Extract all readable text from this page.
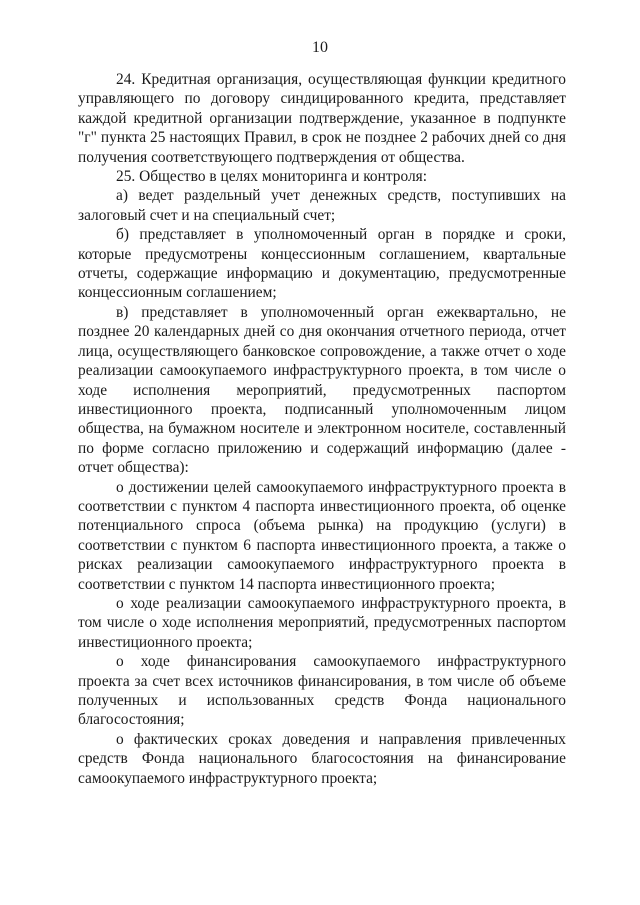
10

24. Кредитная организация, осуществляющая функции кредитного управляющего по договору синдицированного кредита, представляет каждой кредитной организации подтверждение, указанное в подпункте "г" пункта 25 настоящих Правил, в срок не позднее 2 рабочих дней со дня получения соответствующего подтверждения от общества.

25. Общество в целях мониторинга и контроля:

а) ведет раздельный учет денежных средств, поступивших на залоговый счет и на специальный счет;

б) представляет в уполномоченный орган в порядке и сроки, которые предусмотрены концессионным соглашением, квартальные отчеты, содержащие информацию и документацию, предусмотренные концессионным соглашением;

в) представляет в уполномоченный орган ежеквартально, не позднее 20 календарных дней со дня окончания отчетного периода, отчет лица, осуществляющего банковское сопровождение, а также отчет о ходе реализации самоокупаемого инфраструктурного проекта, в том числе о ходе исполнения мероприятий, предусмотренных паспортом инвестиционного проекта, подписанный уполномоченным лицом общества, на бумажном носителе и электронном носителе, составленный по форме согласно приложению и содержащий информацию (далее - отчет общества):

о достижении целей самоокупаемого инфраструктурного проекта в соответствии с пунктом 4 паспорта инвестиционного проекта, об оценке потенциального спроса (объема рынка) на продукцию (услуги) в соответствии с пунктом 6 паспорта инвестиционного проекта, а также о рисках реализации самоокупаемого инфраструктурного проекта в соответствии с пунктом 14 паспорта инвестиционного проекта;

о ходе реализации самоокупаемого инфраструктурного проекта, в том числе о ходе исполнения мероприятий, предусмотренных паспортом инвестиционного проекта;

о ходе финансирования самоокупаемого инфраструктурного проекта за счет всех источников финансирования, в том числе об объеме полученных и использованных средств Фонда национального благосостояния;

о фактических сроках доведения и направления привлеченных средств Фонда национального благосостояния на финансирование самоокупаемого инфраструктурного проекта;
